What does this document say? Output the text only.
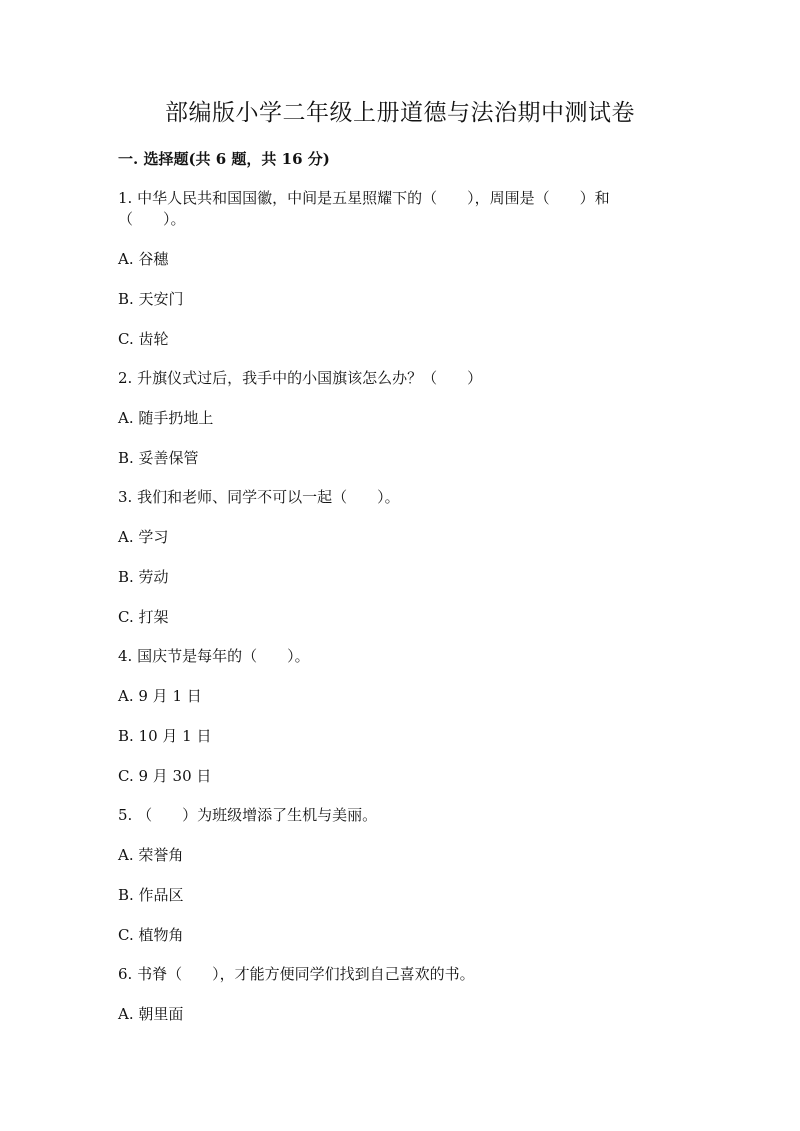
部编版小学二年级上册道德与法治期中测试卷
一. 选择题(共 6 题，共 16 分)
1. 中华人民共和国国徽，中间是五星照耀下的（　　），周围是（　　）和
（　　）。
A. 谷穗
B. 天安门
C. 齿轮
2. 升旗仪式过后，我手中的小国旗该怎么办？（　　）
A. 随手扔地上
B. 妥善保管
3. 我们和老师、同学不可以一起（　　）。
A. 学习
B. 劳动
C. 打架
4. 国庆节是每年的（　　）。
A. 9 月 1 日
B. 10 月 1 日
C. 9 月 30 日
5. （　　）为班级增添了生机与美丽。
A. 荣誉角
B. 作品区
C. 植物角
6. 书脊（　　），才能方便同学们找到自己喜欢的书。
A. 朝里面
